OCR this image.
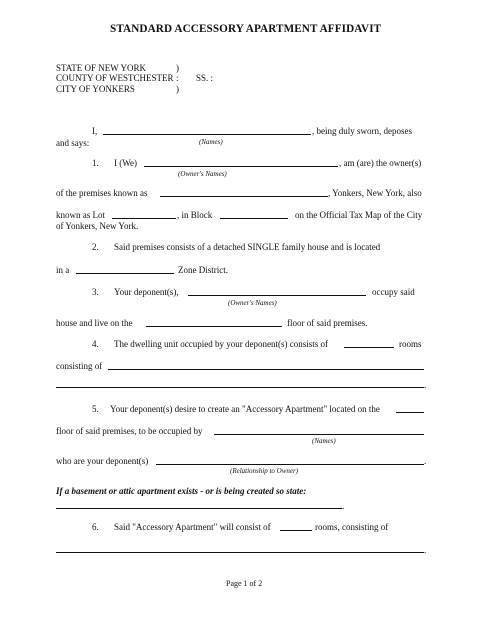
STANDARD ACCESSORY APARTMENT AFFIDAVIT
STATE OF NEW YORK	)
COUNTY OF WESTCHESTER : SS. :
CITY OF YONKERS	)
I,	, being duly sworn, deposes
and says:	(Names)
1. I (We)	, am (are) the owner(s)
(Owner's Names)
of the premises known as	, Yonkers, New York, also
known as Lot	, in Block	on the Official Tax Map of the City
of Yonkers, New York.
2. Said premises consists of a detached SINGLE family house and is located
in a	Zone District.
3. Your deponent(s),	occupy said
(Owner's Names)
house and live on the	floor of said premises.
4. The dwelling unit occupied by your deponent(s) consists of	rooms
consisting of
.
5. Your deponent(s) desire to create an "Accessory Apartment" located on the
floor of said premises, to be occupied by
(Names)
who are your deponent(s)	.
(Relationship to Owner)
If a basement or attic apartment exists - or is being created so state:
.
6. Said "Accessory Apartment" will consist of	rooms, consisting of
.
Page 1 of 2
